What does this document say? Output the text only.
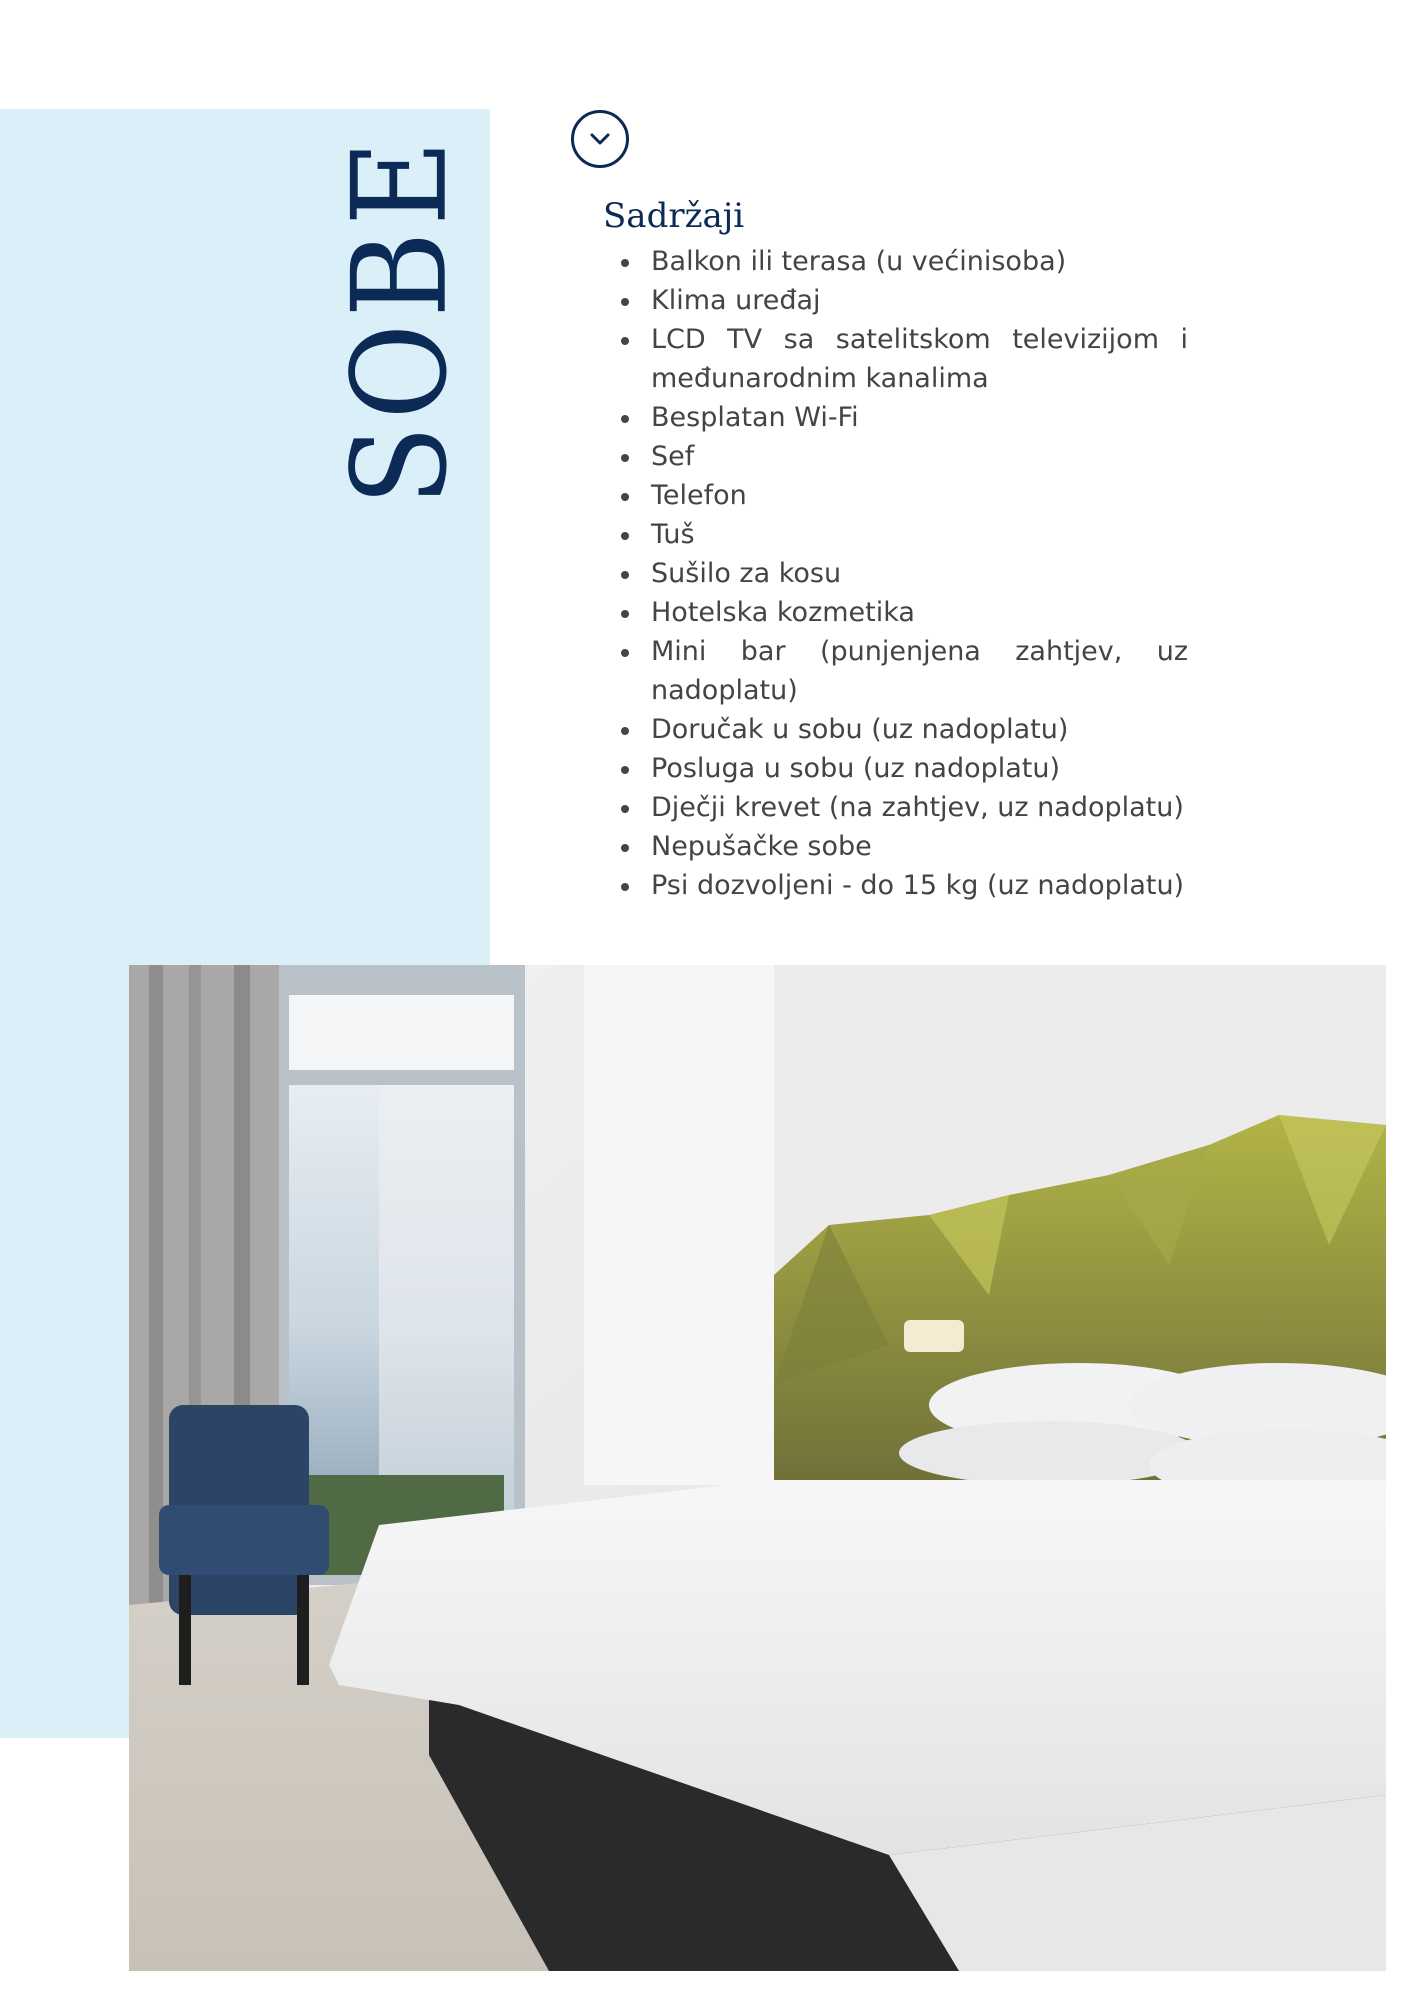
SOBE	Sadržaji
Balkon ili terasa (u većinisoba)
Klima uređaj
LCD TV sa satelitskom televizijom i međunarodnim kanalima
Besplatan Wi-Fi
Sef
Telefon
Tuš
Sušilo za kosu
Hotelska kozmetika
Mini bar (punjenjena zahtjev, uz nadoplatu)
Doručak u sobu (uz nadoplatu)
Posluga u sobu (uz nadoplatu)
Dječji krevet (na zahtjev, uz nadoplatu)
Nepušačke sobe
Psi dozvoljeni - do 15 kg (uz nadoplatu)
